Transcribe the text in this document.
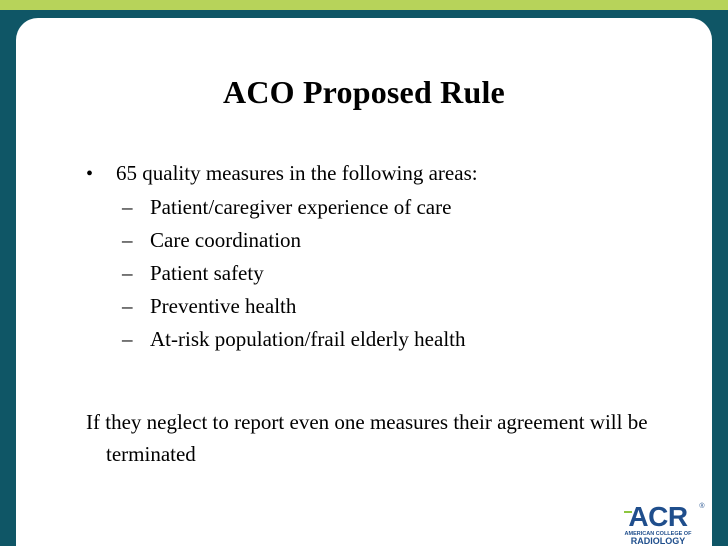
ACO Proposed Rule
•	65 quality measures in the following areas:
– Patient/caregiver experience of care
– Care coordination
– Patient safety
– Preventive health
– At-risk population/frail elderly health
If they neglect to report even one measures their agreement will be terminated
ACR ®
AMERICAN COLLEGE OF
RADIOLOGY
